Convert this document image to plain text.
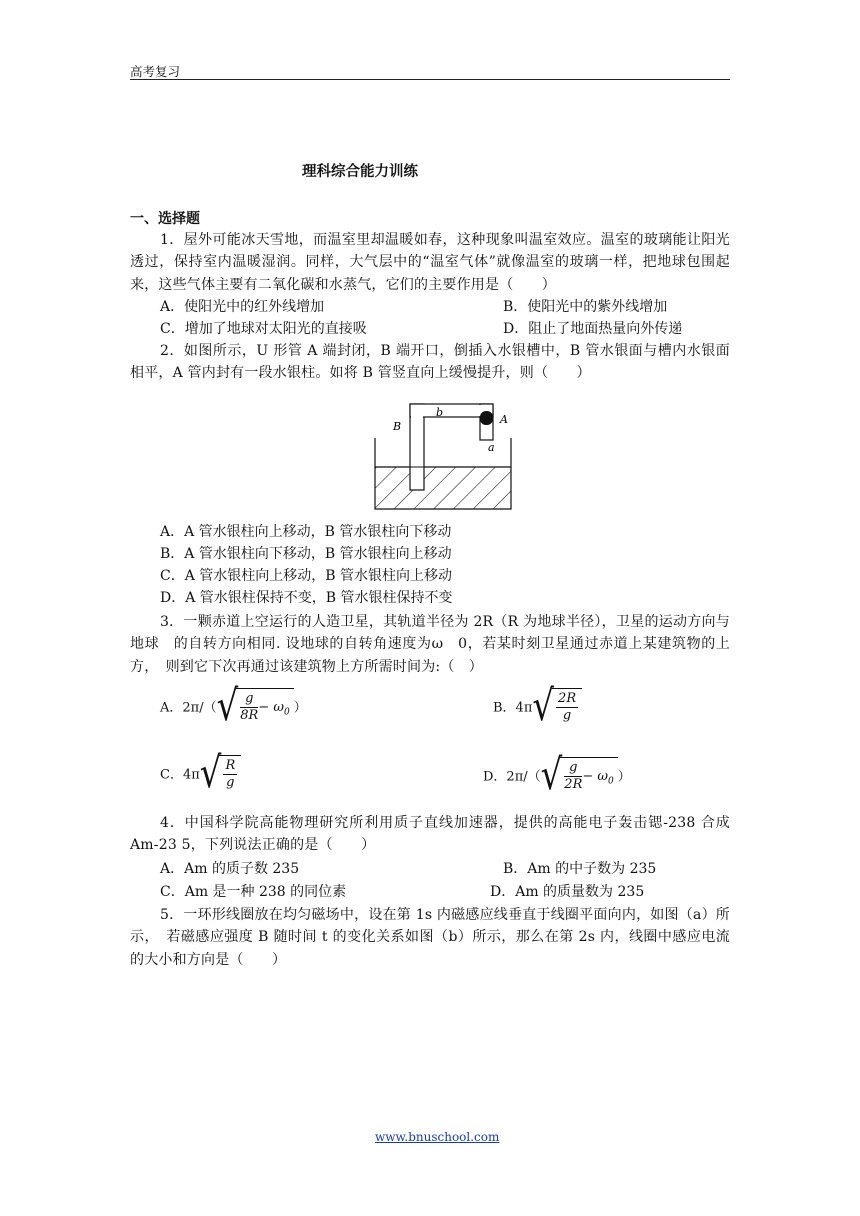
高考复习
理科综合能力训练
一、选择题
1．屋外可能冰天雪地，而温室里却温暖如春，这种现象叫温室效应。温室的玻璃能让阳光透过，保持室内温暖湿润。同样，大气层中的“温室气体”就像温室的玻璃一样，把地球包围起来，这些气体主要有二氧化碳和水蒸气，它们的主要作用是（　　）
A．使阳光中的红外线增加	B．使阳光中的紫外线增加
C．增加了地球对太阳光的直接吸	D．阻止了地面热量向外传递
2．如图所示，U 形管 A 端封闭，B 端开口，倒插入水银槽中，B 管水银面与槽内水银面相平，A 管内封有一段水银柱。如将 B 管竖直向上缓慢提升，则（　　）
B
b
A
a
A．A 管水银柱向上移动，B 管水银柱向下移动
B．A 管水银柱向下移动，B 管水银柱向上移动
C．A 管水银柱向上移动，B 管水银柱向上移动
D．A 管水银柱保持不变，B 管水银柱保持不变
3．一颗赤道上空运行的人造卫星，其轨道半径为 2R（R 为地球半径），卫星的运动方向与地球　的自转方向相同. 设地球的自转角速度为ω　0，若某时刻卫星通过赤道上某建筑物的上方，　则到它下次再通过该建筑物上方所需时间为:（　）
A．$2\pi/(√ \frac{g}{8R} - \omega_0$ ）	B．$4\pi√ \frac{2R}{g}$
C．$4\pi√ \frac{R}{g}$	D．$2\pi/(√ \frac{g}{2R} - \omega_0$ ）
4．中国科学院高能物理研究所利用质子直线加速器，提供的高能电子轰击锶-238 合成 Am-23 5，下列说法正确的是（　　）
A．Am 的质子数 235	B．Am 的中子数为 235
C．Am 是一种 238 的同位素	D．Am 的质量数为 235
5．一环形线圈放在均匀磁场中，设在第 1s 内磁感应线垂直于线圈平面向内，如图（a）所示，　若磁感应强度 B 随时间 t 的变化关系如图（b）所示，那么在第 2s 内，线圈中感应电流的大小和方向是（　　）
www.bnuschool.com
